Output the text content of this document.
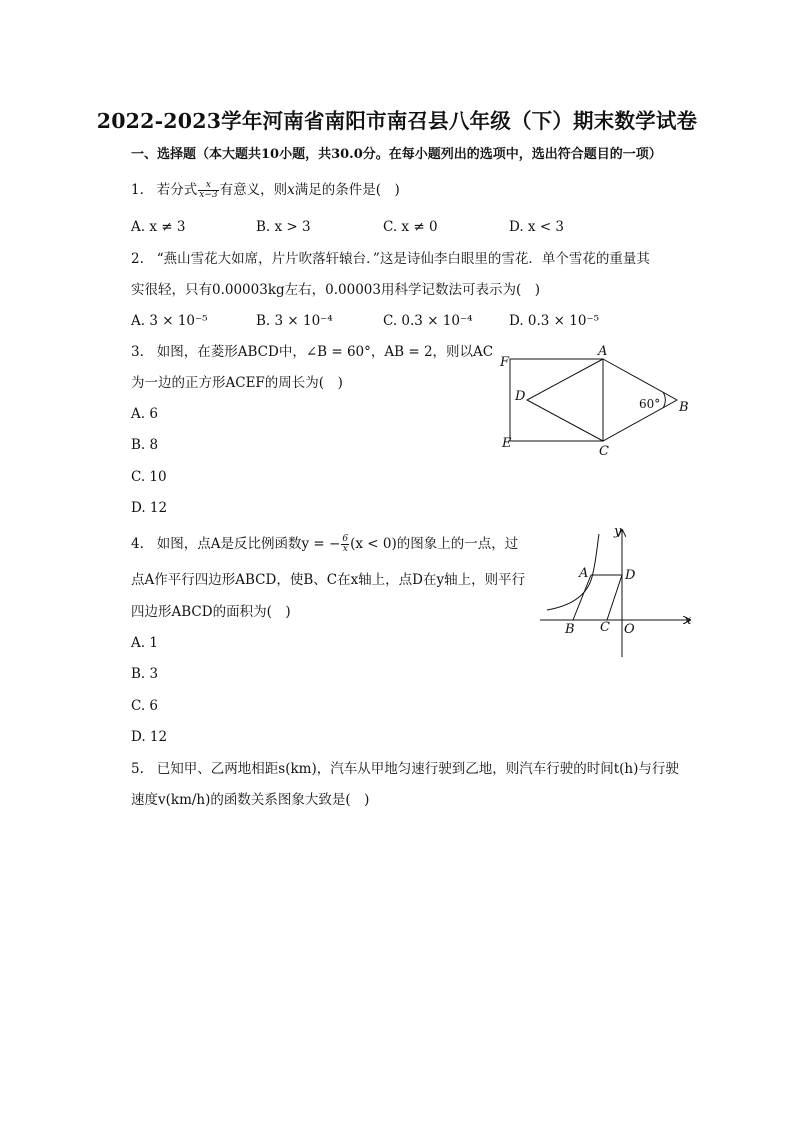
2022-2023学年河南省南阳市南召县八年级（下）期末数学试卷
一、选择题（本大题共10小题，共30.0分。在每小题列出的选项中，选出符合题目的一项）
1. 若分式 $\frac{x}{x-3}$ 有意义，则x满足的条件是(　)
A. x ≠ 3	B. x > 3	C. x ≠ 0	D. x < 3
2. “燕山雪花大如席，片片吹落轩辕台．”这是诗仙李白眼里的雪花．单个雪花的重量其
实很轻，只有0.00003kg左右，0.00003用科学记数法可表示为(　)
A. 3 × 10⁻⁵	B. 3 × 10⁻⁴	C. 0.3 × 10⁻⁴	D. 0.3 × 10⁻⁵
3. 如图，在菱形ABCD中，∠B = 60°，AB = 2，则以AC
为一边的正方形ACEF的周长为(　)
A. 6
B. 8
C. 10
D. 12
F
A
D
B
E
C
60°
4. 如图，点A是反比例函数y = − $\frac{6}{x} (x < 0)$的图象上的一点，过
点A作平行四边形ABCD，使B、C在x轴上，点D在y轴上，则平行
四边形ABCD的面积为(　)
A. 1
B. 3
C. 6
D. 12
A	D
y
x
B C O
5. 已知甲、乙两地相距s(km)，汽车从甲地匀速行驶到乙地，则汽车行驶的时间t(h)与行驶
速度v(km/h)的函数关系图象大致是(　)
